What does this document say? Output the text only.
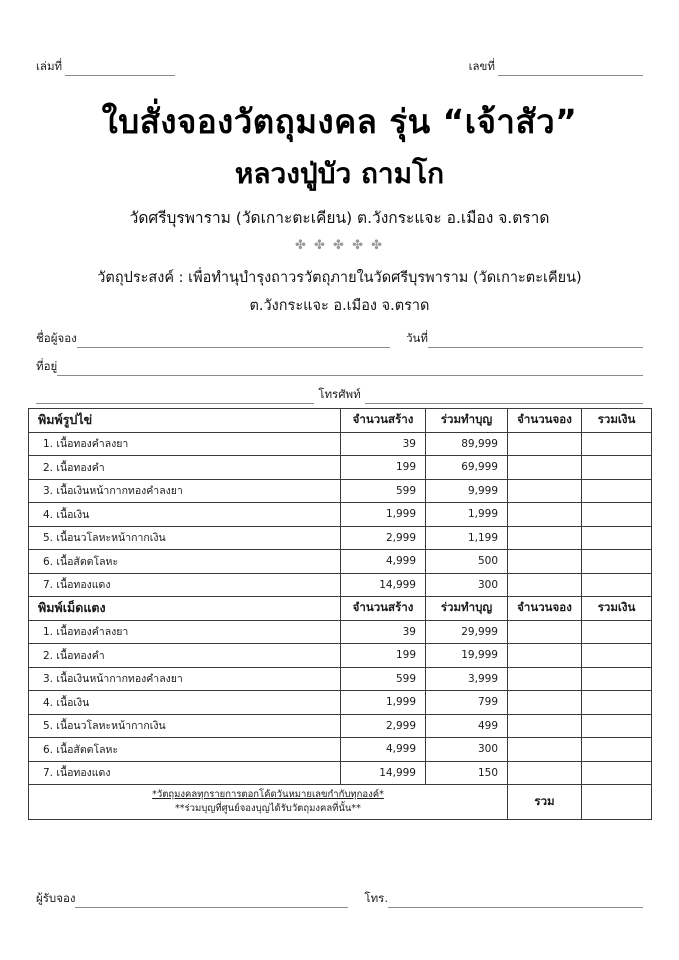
เล่มที่	เลขที่
ใบสั่งจองวัตถุมงคล รุ่น “เจ้าสัว”
หลวงปู่บัว ถามโก
วัดศรีบุรพาราม (วัดเกาะตะเคียน) ต.วังกระแจะ อ.เมือง จ.ตราด
✤ ✤ ✤ ✤ ✤
วัตถุประสงค์ : เพื่อทำนุบำรุงถาวรวัตถุภายในวัดศรีบุรพาราม (วัดเกาะตะเคียน)
ต.วังกระแจะ อ.เมือง จ.ตราด
ชื่อผู้จอง	วันที่
ที่อยู่
โทรศัพท์
พิมพ์รูปไข่	จำนวนสร้าง	ร่วมทำบุญ	จำนวนจอง	รวมเงิน
1. เนื้อทองคำลงยา	39	89,999		
2. เนื้อทองคำ	199	69,999		
3. เนื้อเงินหน้ากากทองคำลงยา	599	9,999		
4. เนื้อเงิน	1,999	1,999		
5. เนื้อนวโลหะหน้ากากเงิน	2,999	1,199		
6. เนื้อสัตตโลหะ	4,999	500		
7. เนื้อทองแดง	14,999	300		
พิมพ์เม็ดแตง	จำนวนสร้าง	ร่วมทำบุญ	จำนวนจอง	รวมเงิน
1. เนื้อทองคำลงยา	39	29,999		
2. เนื้อทองคำ	199	19,999		
3. เนื้อเงินหน้ากากทองคำลงยา	599	3,999		
4. เนื้อเงิน	1,999	799		
5. เนื้อนวโลหะหน้ากากเงิน	2,999	499		
6. เนื้อสัตตโลหะ	4,999	300		
7. เนื้อทองแดง	14,999	150		

*วัตถุมงคลทุกรายการตอกโค้ดวันหมายเลขกำกับทุกองค์*
**ร่วมบุญที่ศูนย์จองบุญได้รับวัตถุมงคลที่นั้น**			รวม	
ผู้รับจอง	โทร.
